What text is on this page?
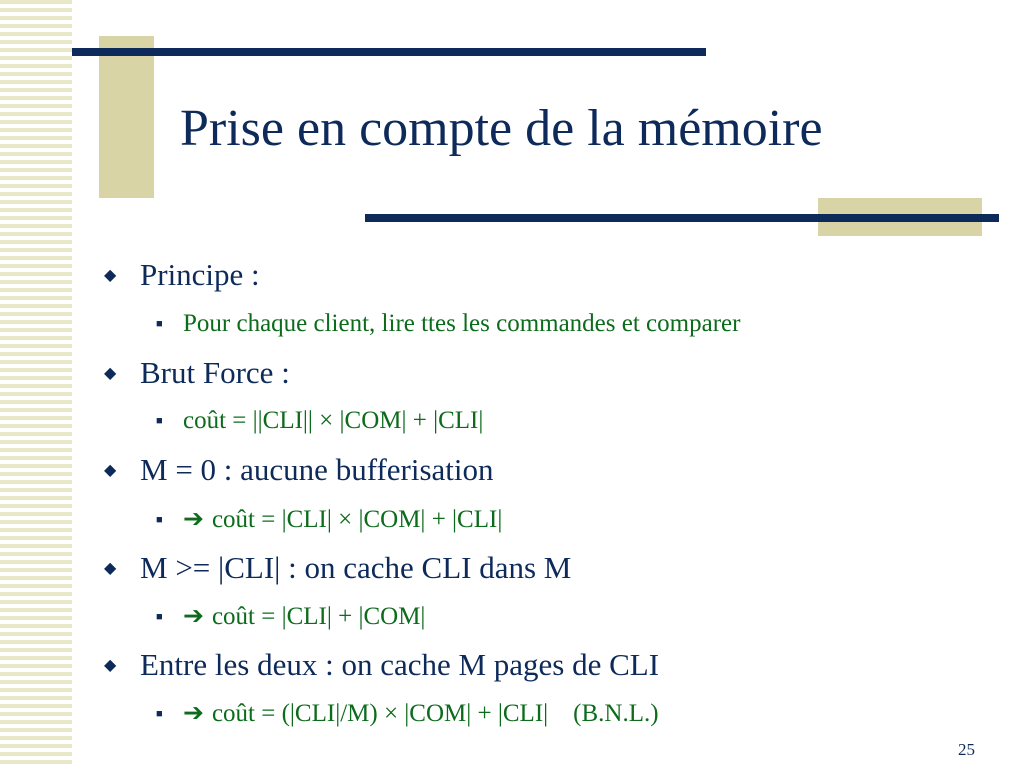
Prise en compte de la mémoire
◆ Principe :
■ Pour chaque client, lire ttes les commandes et comparer
◆ Brut Force :
■ coût = ||CLI|| × |COM| + |CLI|
◆ M = 0 : aucune bufferisation
■ ➔ coût = |CLI| × |COM| + |CLI|
◆ M >= |CLI| : on cache CLI dans M
■ ➔ coût = |CLI| + |COM|
◆ Entre les deux : on cache M pages de CLI
■ ➔ coût = (|CLI|/M) × |COM| + |CLI|    (B.N.L.)
25
